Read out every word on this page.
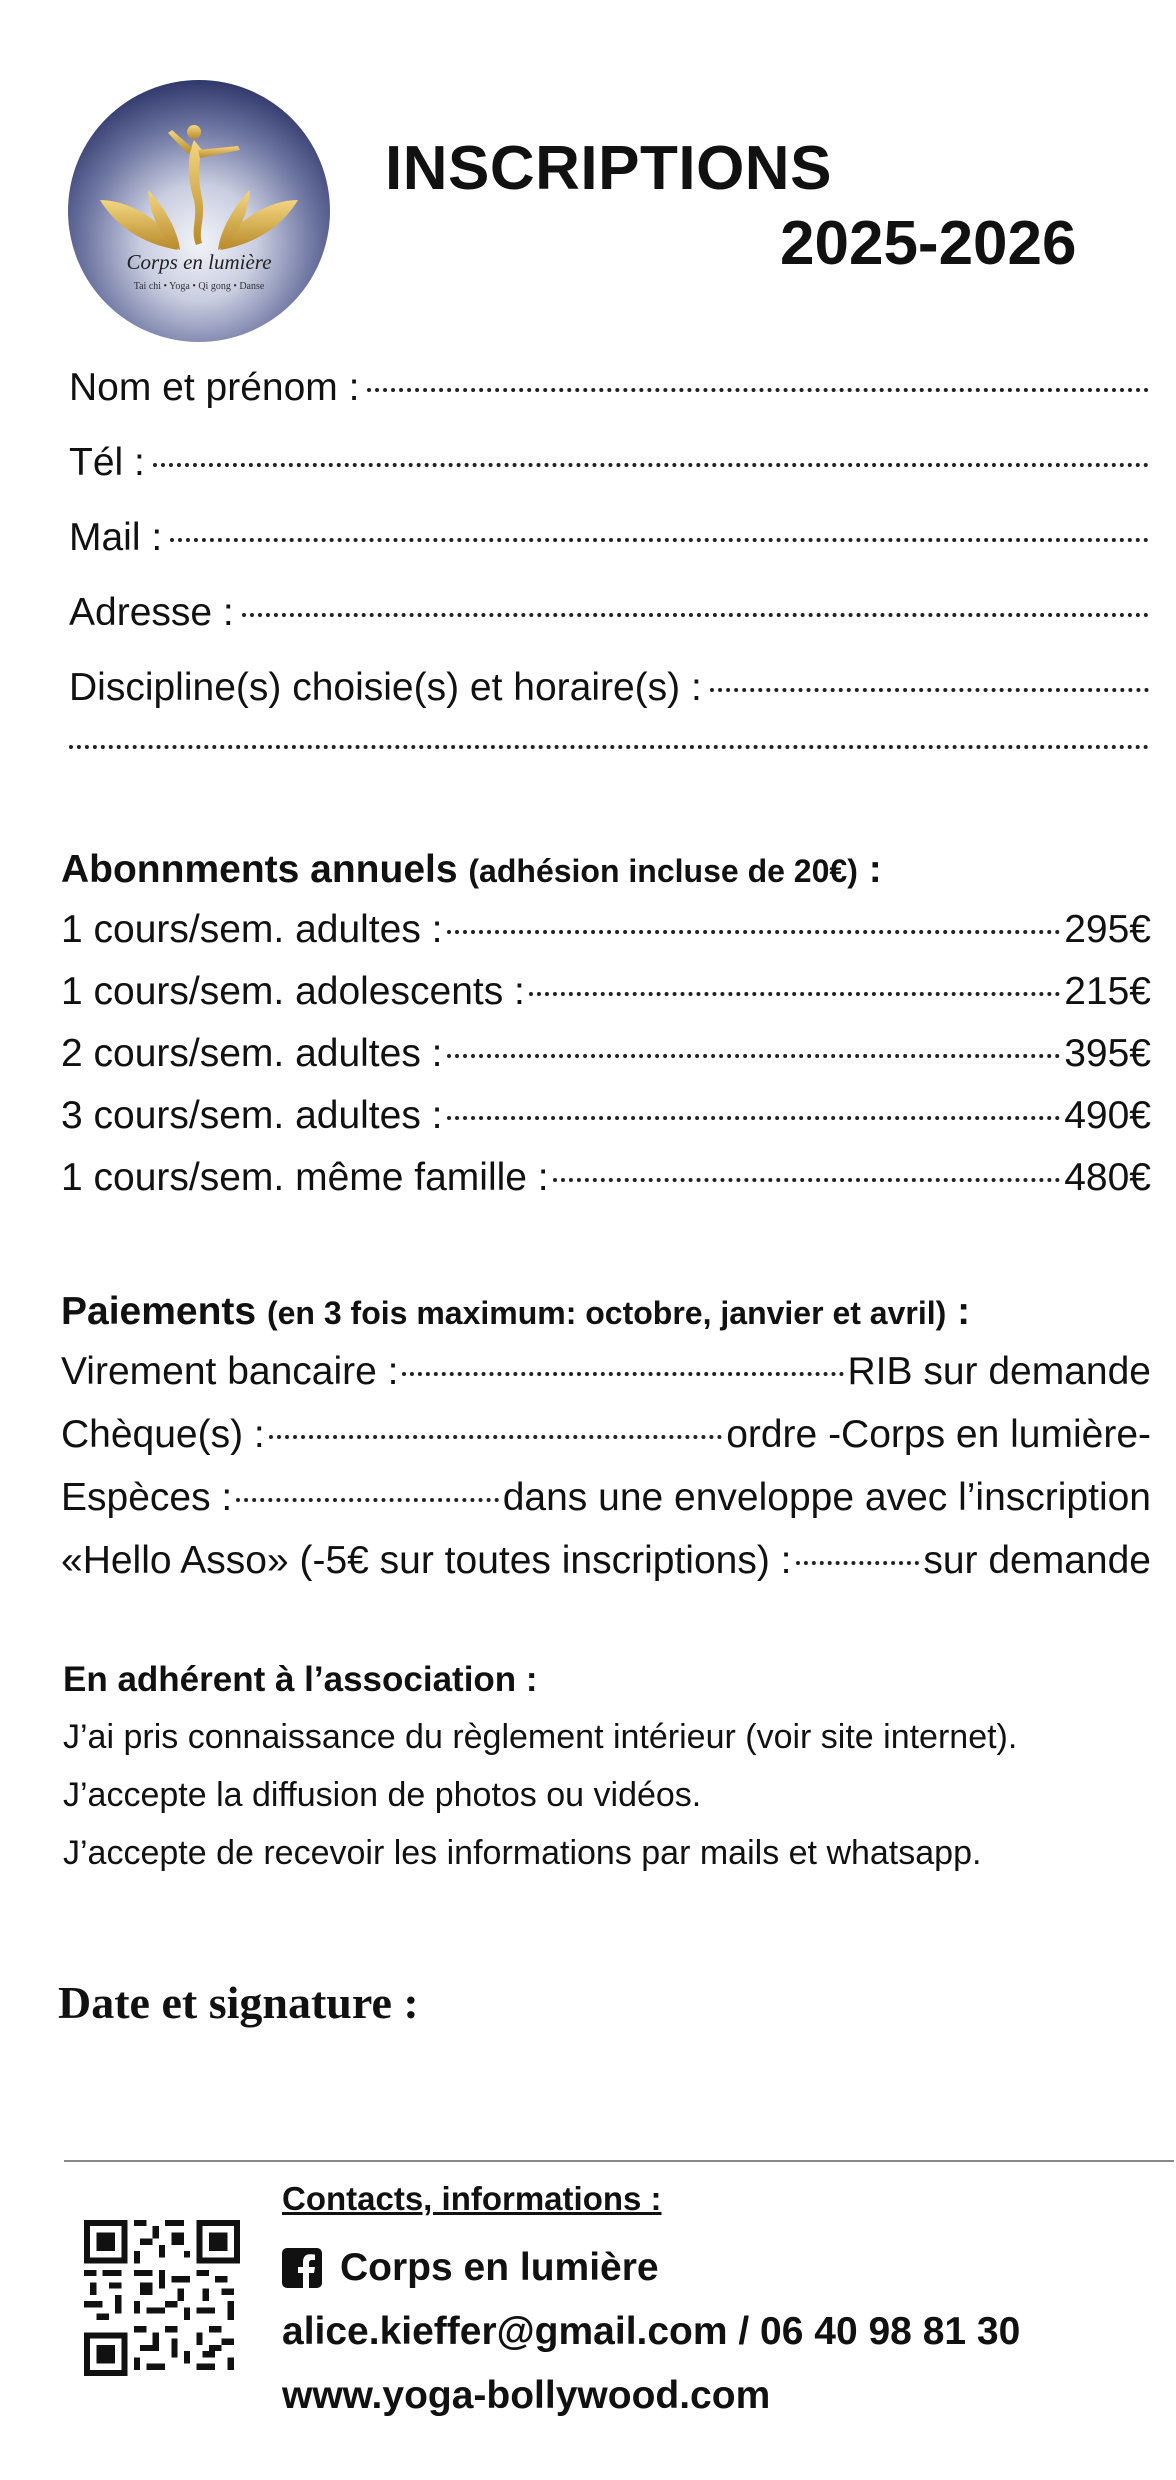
Corps en lumière
Tai chi • Yoga • Qi gong • Danse
INSCRIPTIONS
2025-2026
Nom et prénom :
Tél :
Mail :
Adresse :
Discipline(s) choisie(s) et horaire(s) :
Abonnments annuels (adhésion incluse de 20€) :
1 cours/sem. adultes :	295€
1 cours/sem. adolescents :	215€
2 cours/sem. adultes :	395€
3 cours/sem. adultes :	490€
1 cours/sem. même famille :	480€
Paiements (en 3 fois maximum: octobre, janvier et avril) :
Virement bancaire :	RIB sur demande
Chèque(s) :	ordre -Corps en lumière-
Espèces :	dans une enveloppe avec l’inscription
«Hello Asso» (-5€ sur toutes inscriptions) :	sur demande
En adhérent à l’association :
J’ai pris connaissance du règlement intérieur (voir site internet).
J’accepte la diffusion de photos ou vidéos.
J’accepte de recevoir les informations par mails et whatsapp.
Date et signature :
Contacts, informations :
Corps en lumière
alice.kieffer@gmail.com / 06 40 98 81 30
www.yoga-bollywood.com
